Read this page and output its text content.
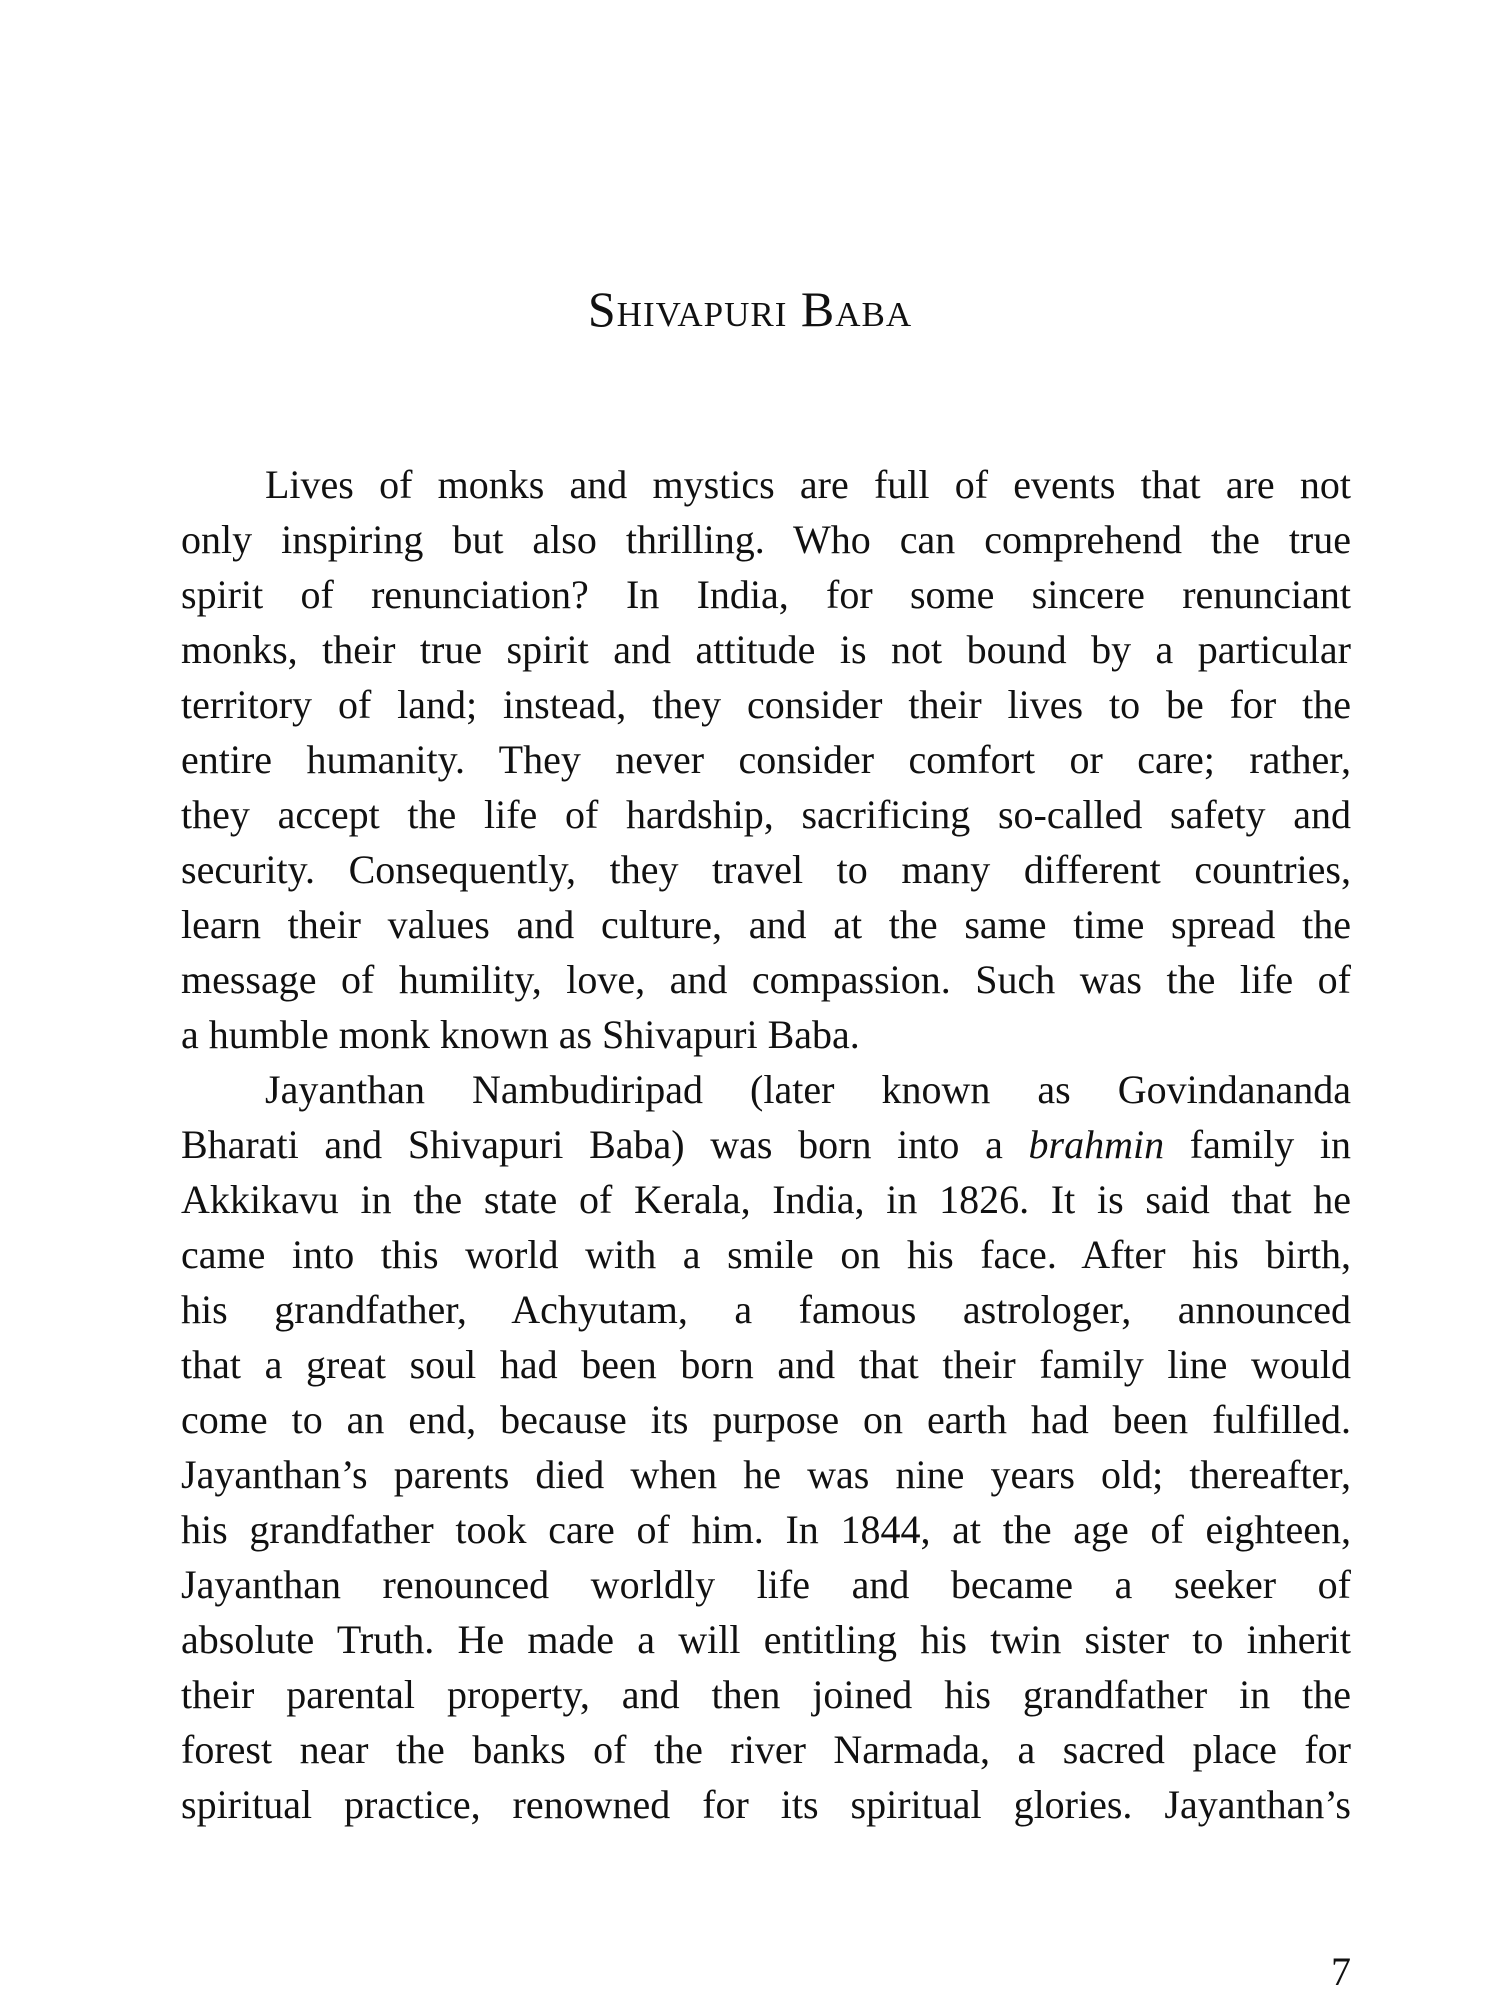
Shivapuri Baba
Lives of monks and mystics are full of events that are not
only inspiring but also thrilling. Who can comprehend the true
spirit of renunciation? In India, for some sincere renunciant
monks, their true spirit and attitude is not bound by a particular
territory of land; instead, they consider their lives to be for the
entire humanity. They never consider comfort or care; rather,
they accept the life of hardship, sacrificing so-called safety and
security. Consequently, they travel to many different countries,
learn their values and culture, and at the same time spread the
message of humility, love, and compassion. Such was the life of
a humble monk known as Shivapuri Baba.
Jayanthan Nambudiripad (later known as Govindananda
Bharati and Shivapuri Baba) was born into a brahmin family in
Akkikavu in the state of Kerala, India, in 1826. It is said that he
came into this world with a smile on his face. After his birth,
his grandfather, Achyutam, a famous astrologer, announced
that a great soul had been born and that their family line would
come to an end, because its purpose on earth had been fulfilled.
Jayanthan’s parents died when he was nine years old; thereafter,
his grandfather took care of him. In 1844, at the age of eighteen,
Jayanthan renounced worldly life and became a seeker of
absolute Truth. He made a will entitling his twin sister to inherit
their parental property, and then joined his grandfather in the
forest near the banks of the river Narmada, a sacred place for
spiritual practice, renowned for its spiritual glories. Jayanthan’s
7
